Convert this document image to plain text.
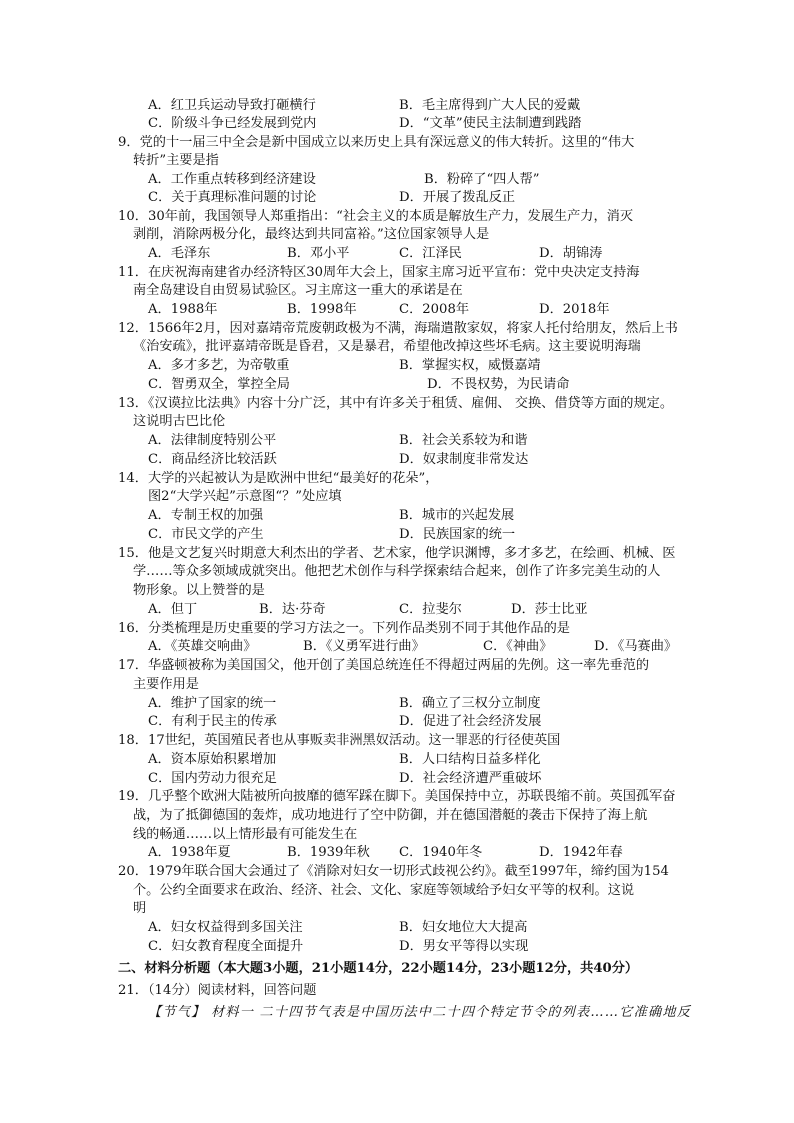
A．红卫兵运动导致打砸横行	B．毛主席得到广大人民的爱戴
C．阶级斗争已经发展到党内	D．“文革”使民主法制遭到践踏
9．党的十一届三中全会是新中国成立以来历史上具有深远意义的伟大转折。这里的“伟大
转折”主要是指
A．工作重点转移到经济建设	B．粉碎了“四人帮”
C．关于真理标准问题的讨论	D．开展了拨乱反正
10．30年前，我国领导人郑重指出：“社会主义的本质是解放生产力，发展生产力，消灭
剥削，消除两极分化，最终达到共同富裕。”这位国家领导人是
A．毛泽东	B．邓小平	C．江泽民	D．胡锦涛
11．在庆祝海南建省办经济特区30周年大会上，国家主席习近平宣布：党中央决定支持海
南全岛建设自由贸易试验区。习主席这一重大的承诺是在
A．1988年	B．1998年	C．2008年	D．2018年
12．1566年2月，因对嘉靖帝荒废朝政极为不满，海瑞遣散家奴，将家人托付给朋友，然后上书
《治安疏》，批评嘉靖帝既是昏君，又是暴君，希望他改掉这些坏毛病。这主要说明海瑞
A．多才多艺，为帝敬重	B．掌握实权，威慑嘉靖
C．智勇双全，掌控全局	D．不畏权势，为民请命
13．《汉谟拉比法典》内容十分广泛，其中有许多关于租赁、雇佣、 交换、借贷等方面的规定。
这说明古巴比伦
A．法律制度特别公平	B．社会关系较为和谐
C．商品经济比较活跃	D．奴隶制度非常发达
14．大学的兴起被认为是欧洲中世纪“最美好的花朵”，
图2“大学兴起”示意图“？”处应填
A．专制王权的加强	B．城市的兴起发展
C．市民文学的产生	D．民族国家的统一
15．他是文艺复兴时期意大利杰出的学者、艺术家，他学识渊博，多才多艺，在绘画、机械、医
学……等众多领域成就突出。他把艺术创作与科学探索结合起来，创作了许多完美生动的人
物形象。以上赞誉的是
A．但丁	B．达·芬奇	C．拉斐尔	D．莎士比亚
16．分类梳理是历史重要的学习方法之一。下列作品类别不同于其他作品的是
A．《英雄交响曲》	B．《义勇军进行曲》	C．《神曲》	D．《马赛曲》
17．华盛顿被称为美国国父，他开创了美国总统连任不得超过两届的先例。这一率先垂范的
主要作用是
A．维护了国家的统一	B．确立了三权分立制度
C．有利于民主的传承	D．促进了社会经济发展
18．17世纪，英国殖民者也从事贩卖非洲黑奴活动。这一罪恶的行径使英国
A．资本原始积累增加	B．人口结构日益多样化
C．国内劳动力很充足	D．社会经济遭严重破坏
19．几乎整个欧洲大陆被所向披靡的德军踩在脚下。美国保持中立，苏联畏缩不前。英国孤军奋
战，为了抵御德国的轰炸，成功地进行了空中防御，并在德国潜艇的袭击下保持了海上航
线的畅通……以上情形最有可能发生在
A．1938年夏	B．1939年秋 C．1940年冬	D．1942年春
20．1979年联合国大会通过了《消除对妇女一切形式歧视公约》。截至1997年，缔约国为154
个。公约全面要求在政治、经济、社会、文化、家庭等领域给予妇女平等的权利。这说
明
A．妇女权益得到多国关注	B．妇女地位大大提高
C．妇女教育程度全面提升	D．男女平等得以实现
二、材料分析题（本大题3小题，21小题14分，22小题14分，23小题12分，共40分）
21．（14分）阅读材料，回答问题
【节气】 材料一 二十四节气表是中国历法中二十四个特定节令的列表……它准确地反
